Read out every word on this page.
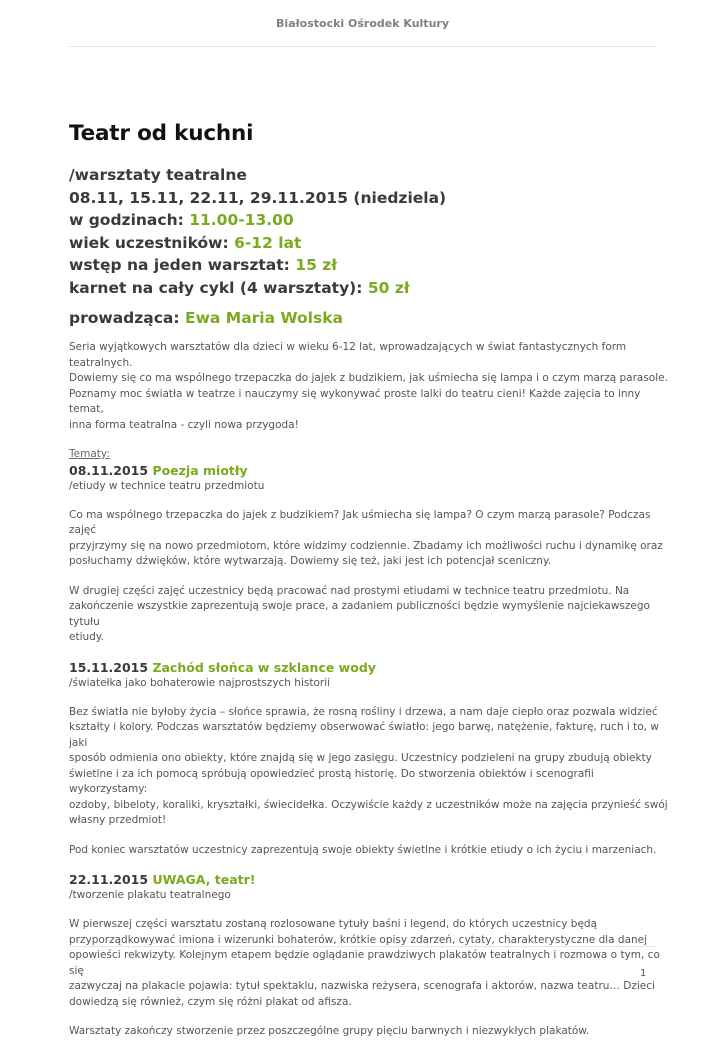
Białostocki Ośrodek Kultury
Teatr od kuchni
/warsztaty teatralne
08.11, 15.11, 22.11, 29.11.2015 (niedziela)
w godzinach: 11.00-13.00
wiek uczestników: 6-12 lat
wstęp na jeden warsztat: 15 zł
karnet na cały cykl (4 warsztaty): 50 zł
prowadząca: Ewa Maria Wolska

Seria wyjątkowych warsztatów dla dzieci w wieku 6-12 lat, wprowadzających w świat fantastycznych form teatralnych.
Dowiemy się co ma wspólnego trzepaczka do jajek z budzikiem, jak uśmiecha się lampa i o czym marzą parasole.
Poznamy moc światła w teatrze i nauczymy się wykonywać proste lalki do teatru cieni! Każde zajęcia to inny temat,
inna forma teatralna - czyli nowa przygoda!

Tematy:

08.11.2015 Poezja miotły
/etiudy w technice teatru przedmiotu

Co ma wspólnego trzepaczka do jajek z budzikiem? Jak uśmiecha się lampa? O czym marzą parasole? Podczas zajęć
przyjrzymy się na nowo przedmiotom, które widzimy codziennie. Zbadamy ich możliwości ruchu i dynamikę oraz
posłuchamy dźwięków, które wytwarzają. Dowiemy się też, jaki jest ich potencjał sceniczny.

W drugiej części zajęć uczestnicy będą pracować nad prostymi etiudami w technice teatru przedmiotu. Na
zakończenie wszystkie zaprezentują swoje prace, a zadaniem publiczności będzie wymyślenie najciekawszego tytułu
etiudy.

15.11.2015 Zachód słońca w szklance wody
/światełka jako bohaterowie najprostszych historii

Bez światła nie byłoby życia – słońce sprawia, że rosną rośliny i drzewa, a nam daje ciepło oraz pozwala widzieć
kształty i kolory. Podczas warsztatów będziemy obserwować światło: jego barwę, natężenie, fakturę, ruch i to, w jaki
sposób odmienia ono obiekty, które znajdą się w jego zasięgu. Uczestnicy podzieleni na grupy zbudują obiekty
świetlne i za ich pomocą spróbują opowiedzieć prostą historię. Do stworzenia obiektów i scenografii wykorzystamy:
ozdoby, bibeloty, koraliki, kryształki, świecidełka. Oczywiście każdy z uczestników może na zajęcia przynieść swój
własny przedmiot!

Pod koniec warsztatów uczestnicy zaprezentują swoje obiekty świetlne i krótkie etiudy o ich życiu i marzeniach.

22.11.2015 UWAGA, teatr!
/tworzenie plakatu teatralnego

W pierwszej części warsztatu zostaną rozlosowane tytuły baśni i legend, do których uczestnicy będą
przyporządkowywać imiona i wizerunki bohaterów, krótkie opisy zdarzeń, cytaty, charakterystyczne dla danej
opowieści rekwizyty. Kolejnym etapem będzie oglądanie prawdziwych plakatów teatralnych i rozmowa o tym, co się
zazwyczaj na plakacie pojawia: tytuł spektaklu, nazwiska reżysera, scenografa i aktorów, nazwa teatru… Dzieci
dowiedzą się również, czym się różni plakat od afisza.

Warsztaty zakończy stworzenie przez poszczególne grupy pięciu barwnych i niezwykłych plakatów.

1
